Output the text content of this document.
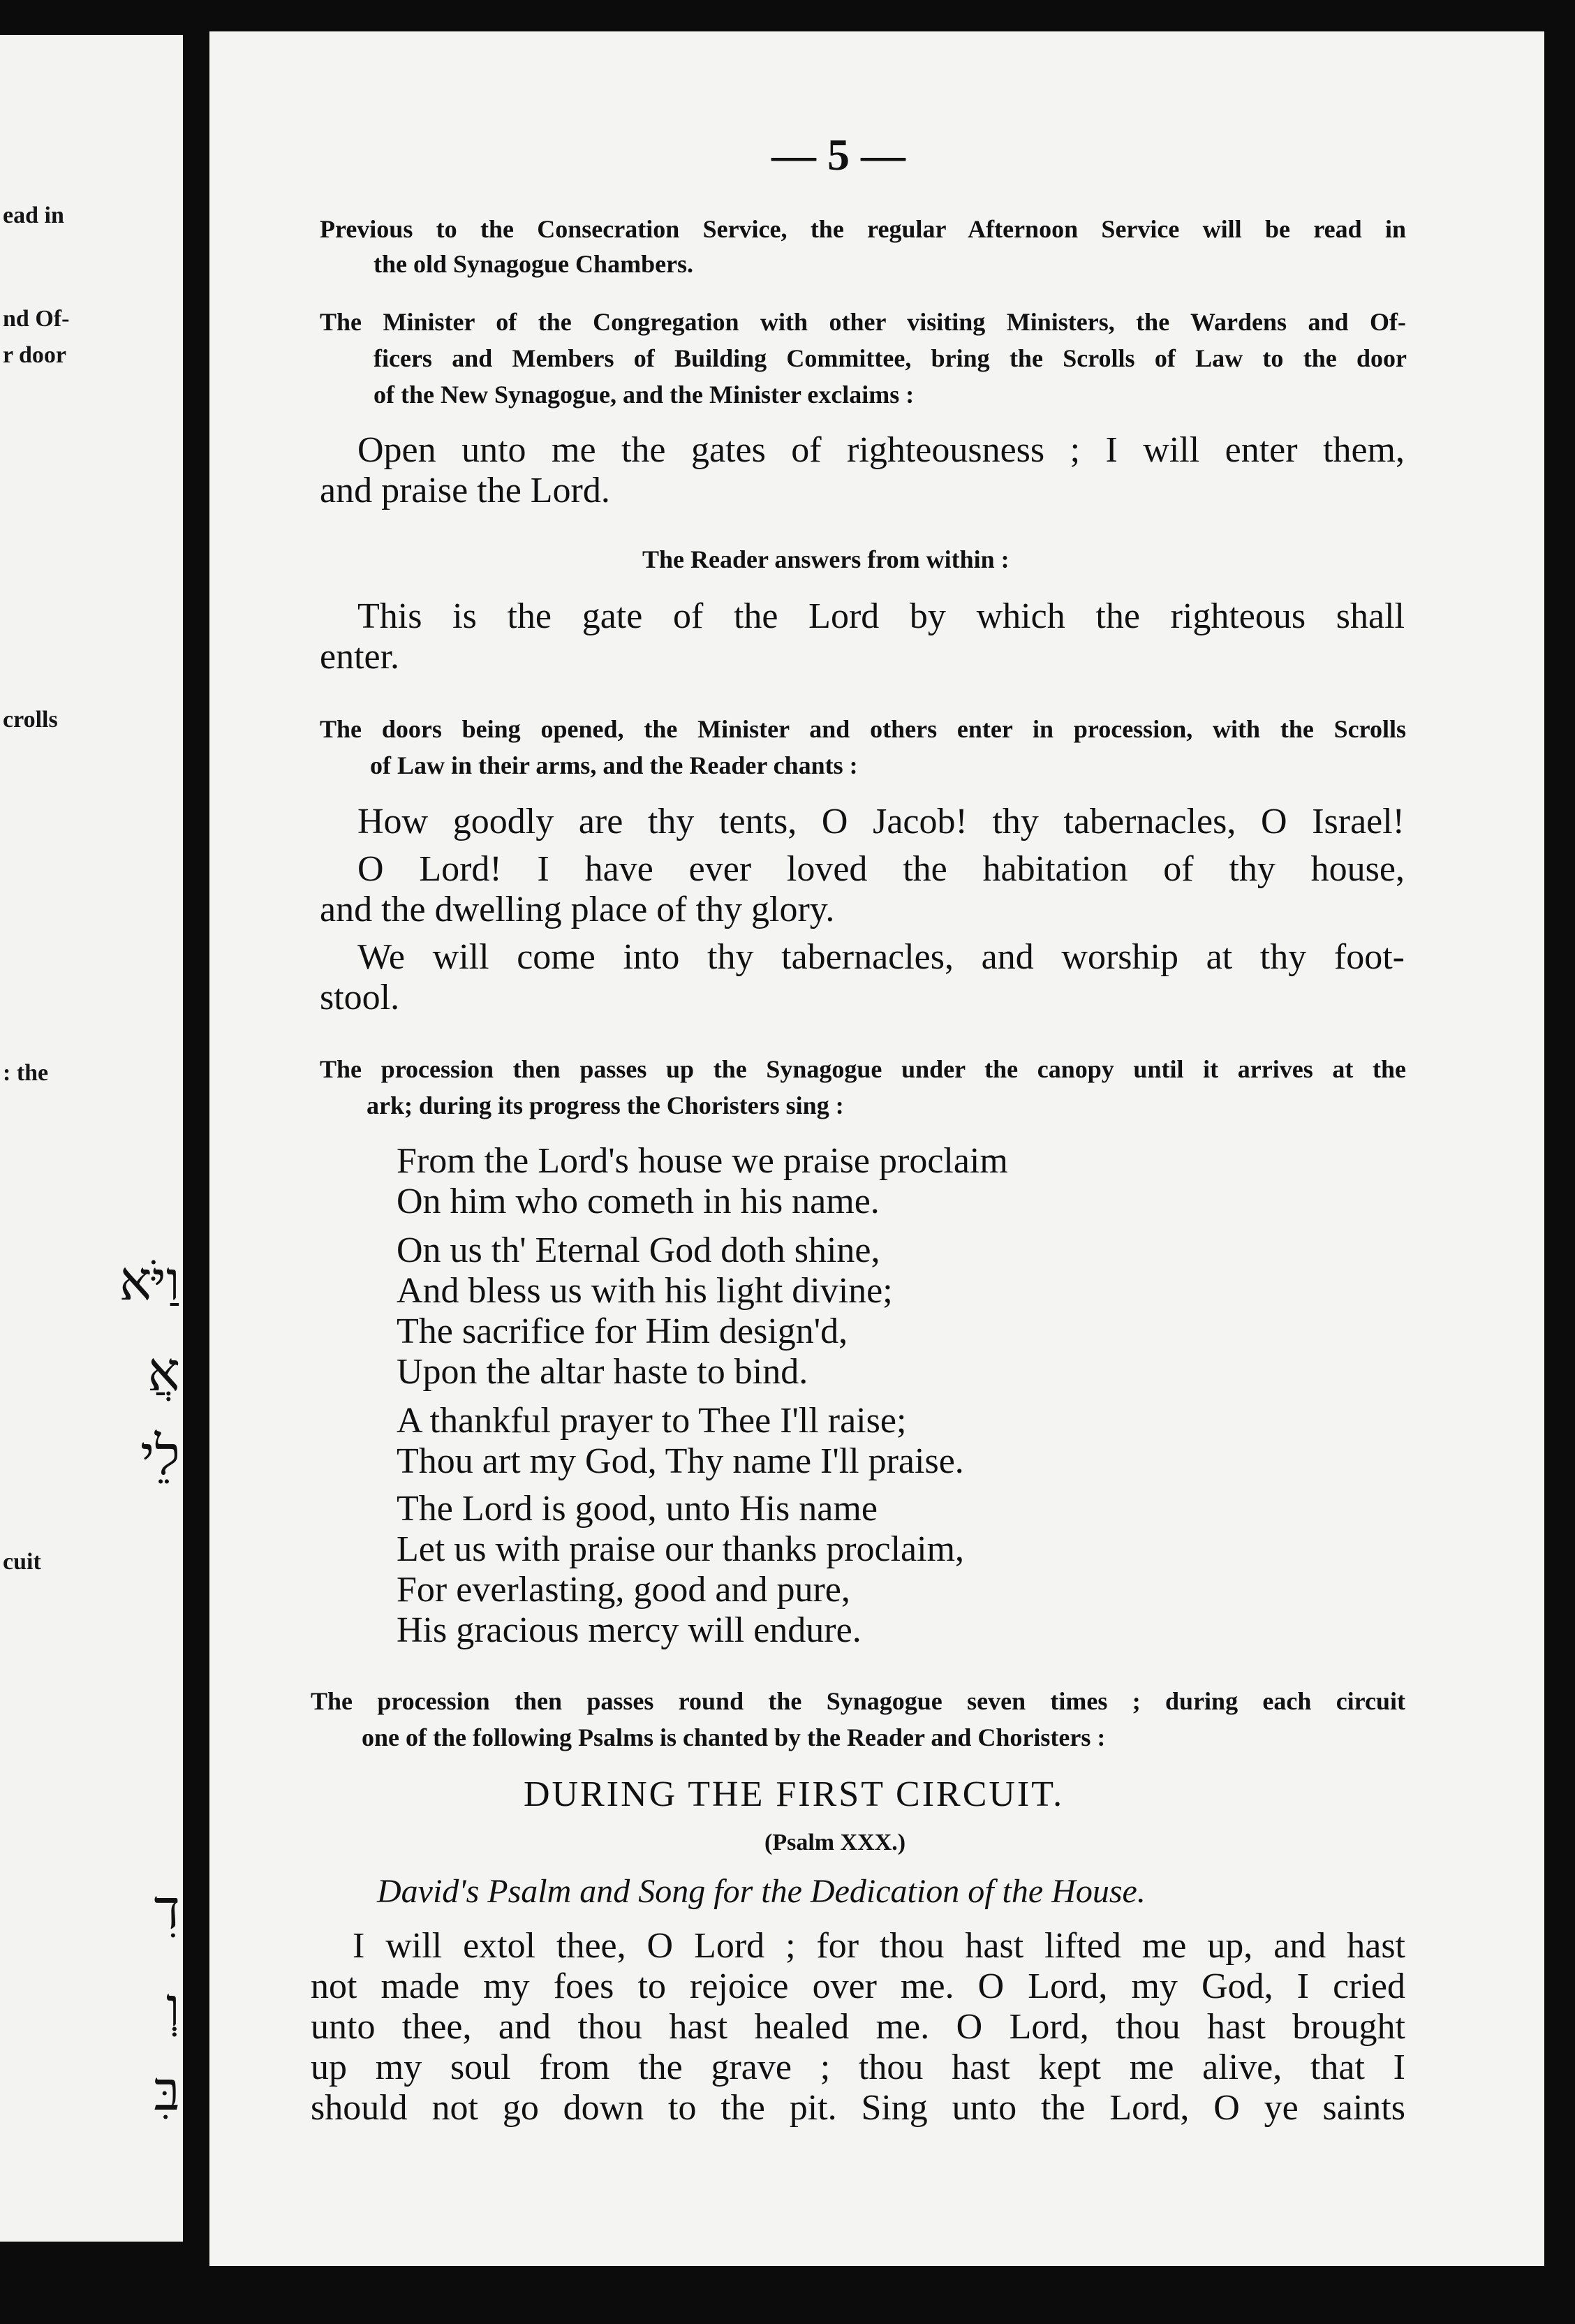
ead in
nd Of-
r door
crolls
: the
cuit
וַיֹּא
אֲ
לֵי
דִ
וְ
בִּ
— 5 —
Previous to the Consecration Service, the regular Afternoon Service will be read in
the old Synagogue Chambers.
The Minister of the Congregation with other visiting Ministers, the Wardens and Of-
ficers and Members of Building Committee, bring the Scrolls of Law to the door
of the New Synagogue, and the Minister exclaims :
Open unto me the gates of righteousness ; I will enter them,
and praise the Lord.
The Reader answers from within :
This is the gate of the Lord by which the righteous shall
enter.
The doors being opened, the Minister and others enter in procession, with the Scrolls
of Law in their arms, and the Reader chants :
How goodly are thy tents, O Jacob! thy tabernacles, O Israel!
O Lord! I have ever loved the habitation of thy house,
and the dwelling place of thy glory.
We will come into thy tabernacles, and worship at thy foot-
stool.
The procession then passes up the Synagogue under the canopy until it arrives at the
ark; during its progress the Choristers sing :
From the Lord's house we praise proclaim
On him who cometh in his name.
On us th' Eternal God doth shine,
And bless us with his light divine;
The sacrifice for Him design'd,
Upon the altar haste to bind.
A thankful prayer to Thee I'll raise;
Thou art my God, Thy name I'll praise.
The Lord is good, unto His name
Let us with praise our thanks proclaim,
For everlasting, good and pure,
His gracious mercy will endure.
The procession then passes round the Synagogue seven times ; during each circuit
one of the following Psalms is chanted by the Reader and Choristers :
DURING THE FIRST CIRCUIT.
(Psalm XXX.)
David's Psalm and Song for the Dedication of the House.
I will extol thee, O Lord ; for thou hast lifted me up, and hast
not made my foes to rejoice over me. O Lord, my God, I cried
unto thee, and thou hast healed me. O Lord, thou hast brought
up my soul from the grave ; thou hast kept me alive, that I
should not go down to the pit. Sing unto the Lord, O ye saints
